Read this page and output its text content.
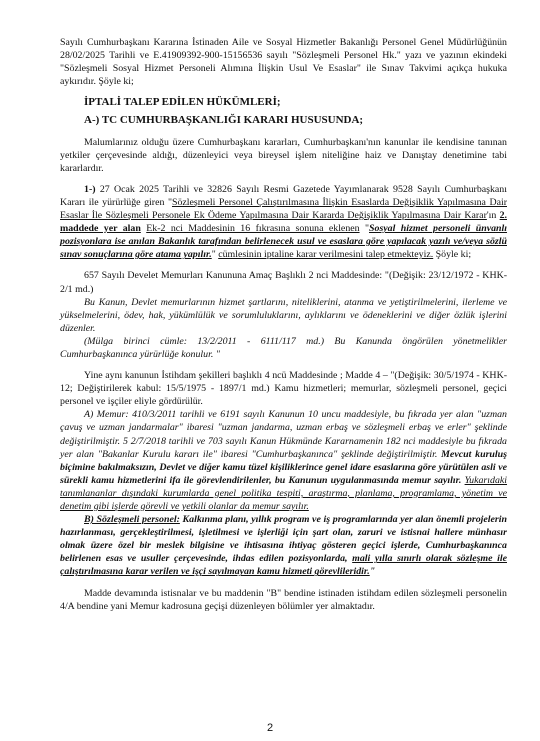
Sayılı Cumhurbaşkanı Kararına İstinaden Aile ve Sosyal Hizmetler Bakanlığı Personel Genel Müdürlüğünün 28/02/2025 Tarihli ve E.41909392-900-15156536 sayılı "Sözleşmeli Personel Hk." yazı ve yazının ekindeki "Sözleşmeli Sosyal Hizmet Personeli Alımına İlişkin Usul Ve Esaslar" ile Sınav Takvimi açıkça hukuka aykırıdır. Şöyle ki;

İPTALİ TALEP EDİLEN HÜKÜMLERİ;

A-) TC CUMHURBAŞKANLIĞI KARARI HUSUSUNDA;

Malumlarınız olduğu üzere Cumhurbaşkanı kararları, Cumhurbaşkanı'nın kanunlar ile kendisine tanınan yetkiler çerçevesinde aldığı, düzenleyici veya bireysel işlem niteliğine haiz ve Danıştay denetimine tabi kararlardır.

1-) 27 Ocak 2025 Tarihli ve 32826 Sayılı Resmi Gazetede Yayımlanarak 9528 Sayılı Cumhurbaşkanı Kararı ile yürürlüğe giren "Sözleşmeli Personel Çalıştırılmasına İlişkin Esaslarda Değişiklik Yapılmasına Dair Esaslar İle Sözleşmeli Personele Ek Ödeme Yapılmasına Dair Kararda Değişiklik Yapılmasına Dair Karar'ın 2. maddede yer alan Ek-2 nci Maddesinin 16 fıkrasına sonuna eklenen "Sosyal hizmet personeli ünvanlı pozisyonlara ise anılan Bakanlık tarafından belirlenecek usul ve esaslara göre yapılacak yazılı ve/veya sözlü sınav sonuçlarına göre atama yapılır." cümlesinin iptaline karar verilmesini talep etmekteyiz. Şöyle ki;

657 Sayılı Develet Memurları Kanununa Amaç Başlıklı 2 nci Maddesinde: "(Değişik: 23/12/1972 - KHK-2/1 md.)

Bu Kanun, Devlet memurlarının hizmet şartlarını, niteliklerini, atanma ve yetiştirilmelerini, ilerleme ve yükselmelerini, ödev, hak, yükümlülük ve sorumluluklarını, aylıklarını ve ödeneklerini ve diğer özlük işlerini düzenler.

(Mülga birinci cümle: 13/2/2011 - 6111/117 md.) Bu Kanunda öngörülen yönetmelikler Cumhurbaşkanınca yürürlüğe konulur. "

Yine aynı kanunun İstihdam şekilleri başlıklı 4 ncü Maddesinde ; Madde 4 – "(Değişik: 30/5/1974 - KHK-12; Değiştirilerek kabul: 15/5/1975 - 1897/1 md.) Kamu hizmetleri; memurlar, sözleşmeli personel, geçici personel ve işçiler eliyle gördürülür.

A) Memur: 410/3/2011 tarihli ve 6191 sayılı Kanunun 10 uncu maddesiyle, bu fıkrada yer alan "uzman çavuş ve uzman jandarmalar" ibaresi "uzman jandarma, uzman erbaş ve sözleşmeli erbaş ve erler" şeklinde değiştirilmiştir. 5 2/7/2018 tarihli ve 703 sayılı Kanun Hükmünde Kararnamenin 182 nci maddesiyle bu fıkrada yer alan "Bakanlar Kurulu kararı ile" ibaresi "Cumhurbaşkanınca" şeklinde değiştirilmiştir. Mevcut kuruluş biçimine bakılmaksızın, Devlet ve diğer kamu tüzel kişiliklerince genel idare esaslarına göre yürütülen asli ve sürekli kamu hizmetlerini ifa ile görevlendirilenler, bu Kanunun uygulanmasında memur sayılır. Yukarıdaki tanımlananlar dışındaki kurumlarda genel politika tespiti, araştırma, planlama, programlama, yönetim ve denetim gibi işlerde görevli ve yetkili olanlar da memur sayılır.

B) Sözleşmeli personel: Kalkınma planı, yıllık program ve iş programlarında yer alan önemli projelerin hazırlanması, gerçekleştirilmesi, işletilmesi ve işlerliği için şart olan, zaruri ve istisnai hallere münhasır olmak üzere özel bir meslek bilgisine ve ihtisasına ihtiyaç gösteren geçici işlerde, Cumhurbaşkanınca belirlenen esas ve usuller çerçevesinde, ihdas edilen pozisyonlarda, mali yılla sınırlı olarak sözleşme ile çalıştırılmasına karar verilen ve işçi sayılmayan kamu hizmeti görevlileridir."

Madde devamında istisnalar ve bu maddenin "B" bendine istinaden istihdam edilen sözleşmeli personelin 4/A bendine yani Memur kadrosuna geçişi düzenleyen bölümler yer almaktadır.

2
